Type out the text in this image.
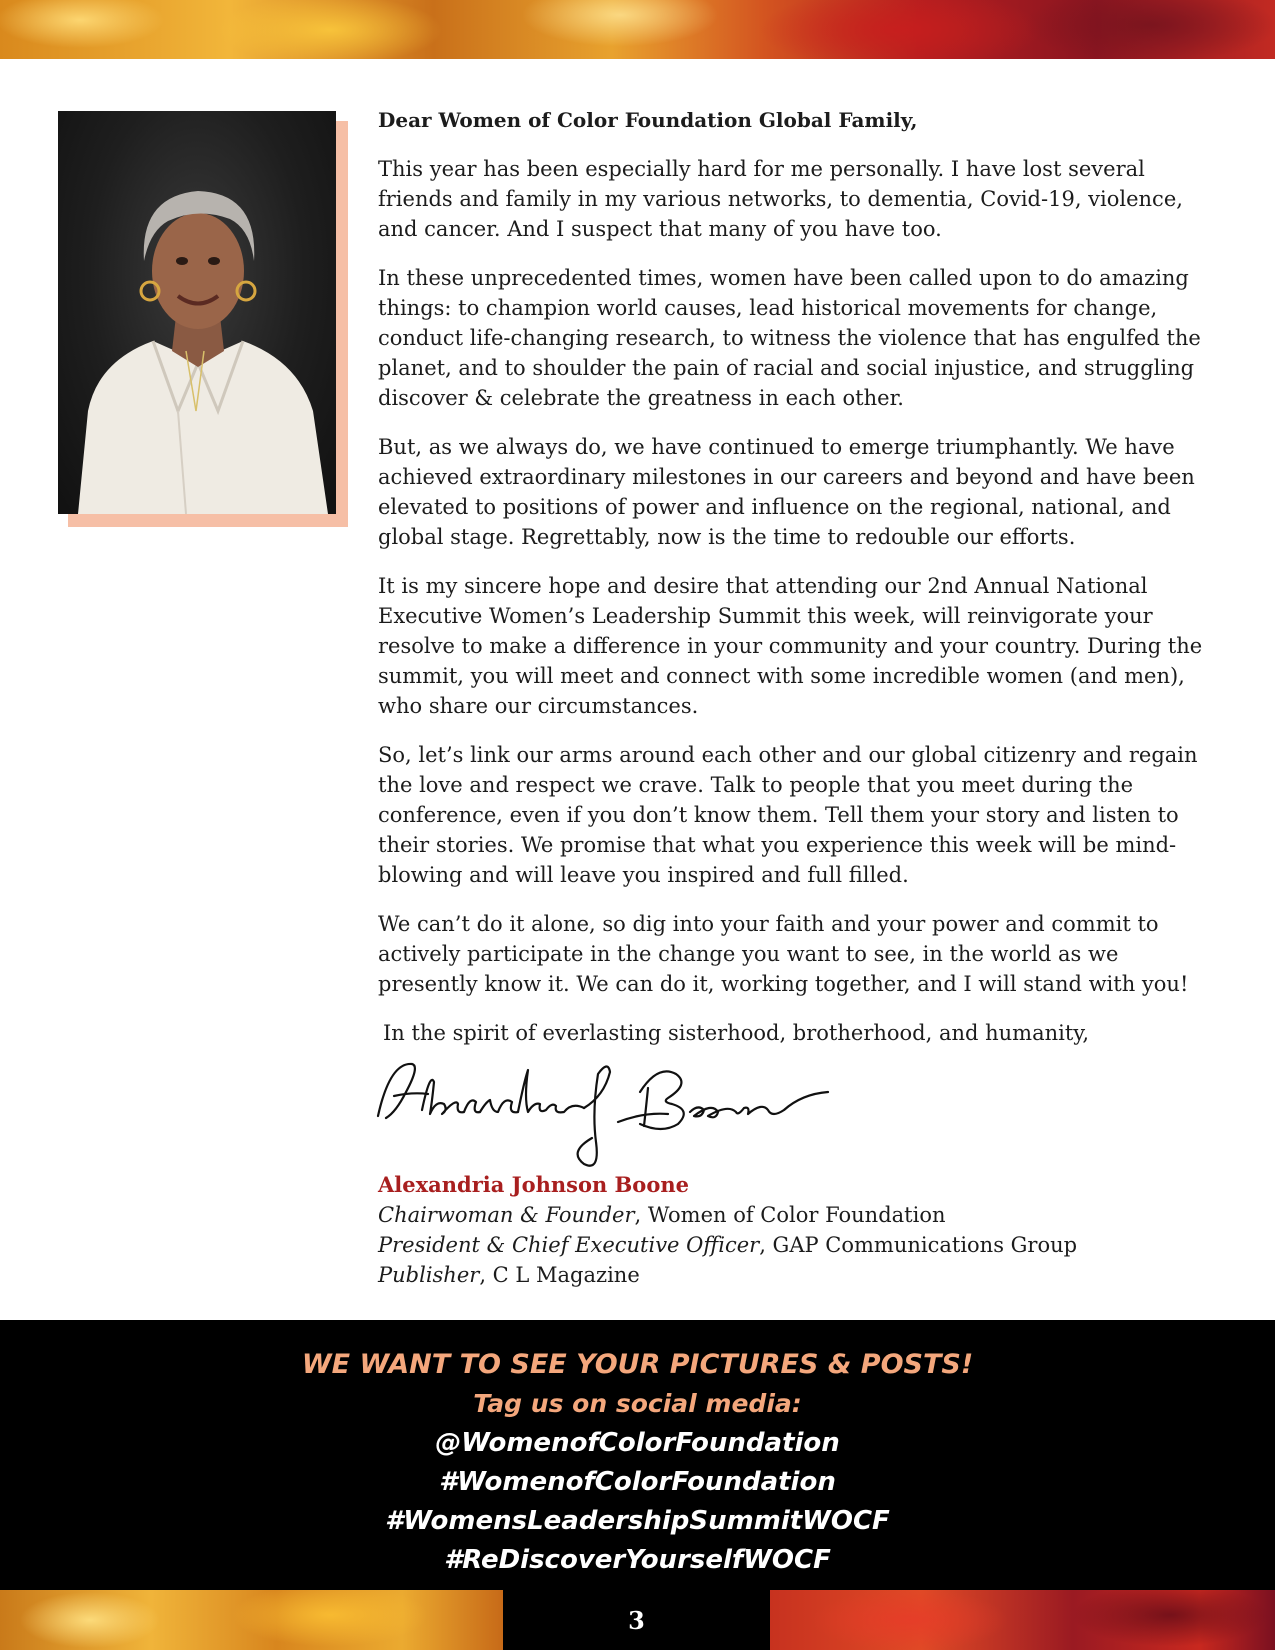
Dear Women of Color Foundation Global Family,

This year has been especially hard for me personally. I have lost several friends and family in my various networks, to dementia, Covid-19, violence, and cancer. And I suspect that many of you have too.

In these unprecedented times, women have been called upon to do amazing things: to champion world causes, lead historical movements for change, conduct life-changing research, to witness the violence that has engulfed the planet, and to shoulder the pain of racial and social injustice, and struggling discover & celebrate the greatness in each other.

But, as we always do, we have continued to emerge triumphantly. We have achieved extraordinary milestones in our careers and beyond and have been elevated to positions of power and influence on the regional, national, and global stage. Regrettably, now is the time to redouble our efforts.

It is my sincere hope and desire that attending our 2nd Annual National Executive Women’s Leadership Summit this week, will reinvigorate your resolve to make a difference in your community and your country. During the summit, you will meet and connect with some incredible women (and men), who share our circumstances.

So, let’s link our arms around each other and our global citizenry and regain the love and respect we crave. Talk to people that you meet during the conference, even if you don’t know them. Tell them your story and listen to their stories. We promise that what you experience this week will be mind-blowing and will leave you inspired and full filled.

We can’t do it alone, so dig into your faith and your power and commit to actively participate in the change you want to see, in the world as we presently know it. We can do it, working together, and I will stand with you!

In the spirit of everlasting sisterhood, brotherhood, and humanity,

Alexandria Johnson Boone
Chairwoman & Founder, Women of Color Foundation
President & Chief Executive Officer, GAP Communications Group
Publisher, C L Magazine
WE WANT TO SEE YOUR PICTURES & POSTS!
Tag us on social media:
@WomenofColorFoundation
#WomenofColorFoundation
#WomensLeadershipSummitWOCF
#ReDiscoverYourselfWOCF
3
